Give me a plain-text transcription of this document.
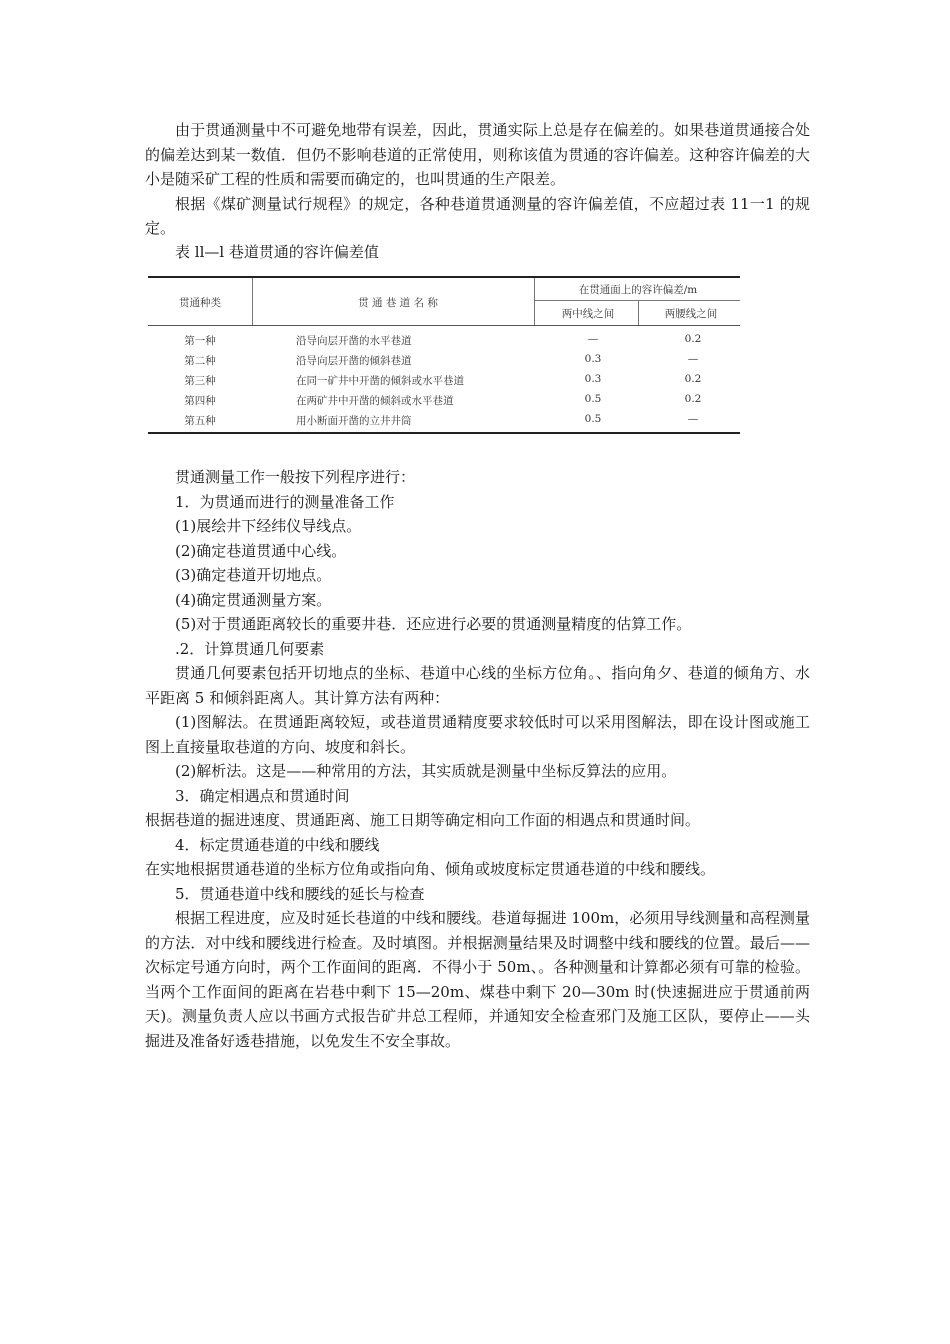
由于贯通测量中不可避免地带有误差，因此，贯通实际上总是存在偏差的。如果巷道贯通接合处的偏差达到某一数值．但仍不影响巷道的正常使用，则称该值为贯通的容许偏差。这种容许偏差的大小是随采矿工程的性质和需要而确定的，也叫贯通的生产限差。

根据《煤矿测量试行规程》的规定，各种巷道贯通测量的容许偏差值，不应超过表 11一1 的规定。

表 ll—l 巷道贯通的容许偏差值
贯通种类	贯 通 巷 道 名 称
在贯通面上的容许偏差/m
两中线之间	两腰线之间
第一种	沿导向层开凿的水平巷道	—	0.2
第二种	沿导向层开凿的倾斜巷道	0.3	—
第三种	在同一矿井中开凿的倾斜或水平巷道	0.3	0.2
第四种	在两矿井中开凿的倾斜或水平巷道	0.5	0.2
第五种	用小断面开凿的立井井筒	0.5	—

贯通测量工作一般按下列程序进行：

1．为贯通而进行的测量准备工作

(1)展绘井下经纬仪导线点。

(2)确定巷道贯通中心线。

(3)确定巷道开切地点。

(4)确定贯通测量方案。

(5)对于贯通距离较长的重要井巷．还应进行必要的贯通测量精度的估算工作。

.2．计算贯通几何要素

贯通几何要素包括开切地点的坐标、巷道中心线的坐标方位角。、指向角夕、巷道的倾角方、水平距离 5 和倾斜距离人。其计算方法有两种：

(1)图解法。在贯通距离较短，或巷道贯通精度要求较低时可以采用图解法，即在设计图或施工图上直接量取巷道的方向、坡度和斜长。

(2)解析法。这是——种常用的方法，其实质就是测量中坐标反算法的应用。

3．确定相遇点和贯通时间

根据巷道的掘进速度、贯通距离、施工日期等确定相向工作面的相遇点和贯通时间。

4．标定贯通巷道的中线和腰线

在实地根据贯通巷道的坐标方位角或指向角、倾角或坡度标定贯通巷道的中线和腰线。

5．贯通巷道中线和腰线的延长与检查

根据工程进度，应及时延长巷道的中线和腰线。巷道每掘进 100m，必须用导线测量和高程测量的方法．对中线和腰线进行检查。及时填图。并根据测量结果及时调整中线和腰线的位置。最后——次标定号通方向时，两个工作面间的距离．不得小于 50m、。各种测量和计算都必须有可靠的检验。当两个工作面间的距离在岩巷中剩下 15—20m、煤巷中剩下 20—30m 时(快速掘进应于贯通前两天)。测量负责人应以书画方式报告矿井总工程师，并通知安全检查邪门及施工区队，要停止——头掘进及准备好透巷措施，以免发生不安全事故。
